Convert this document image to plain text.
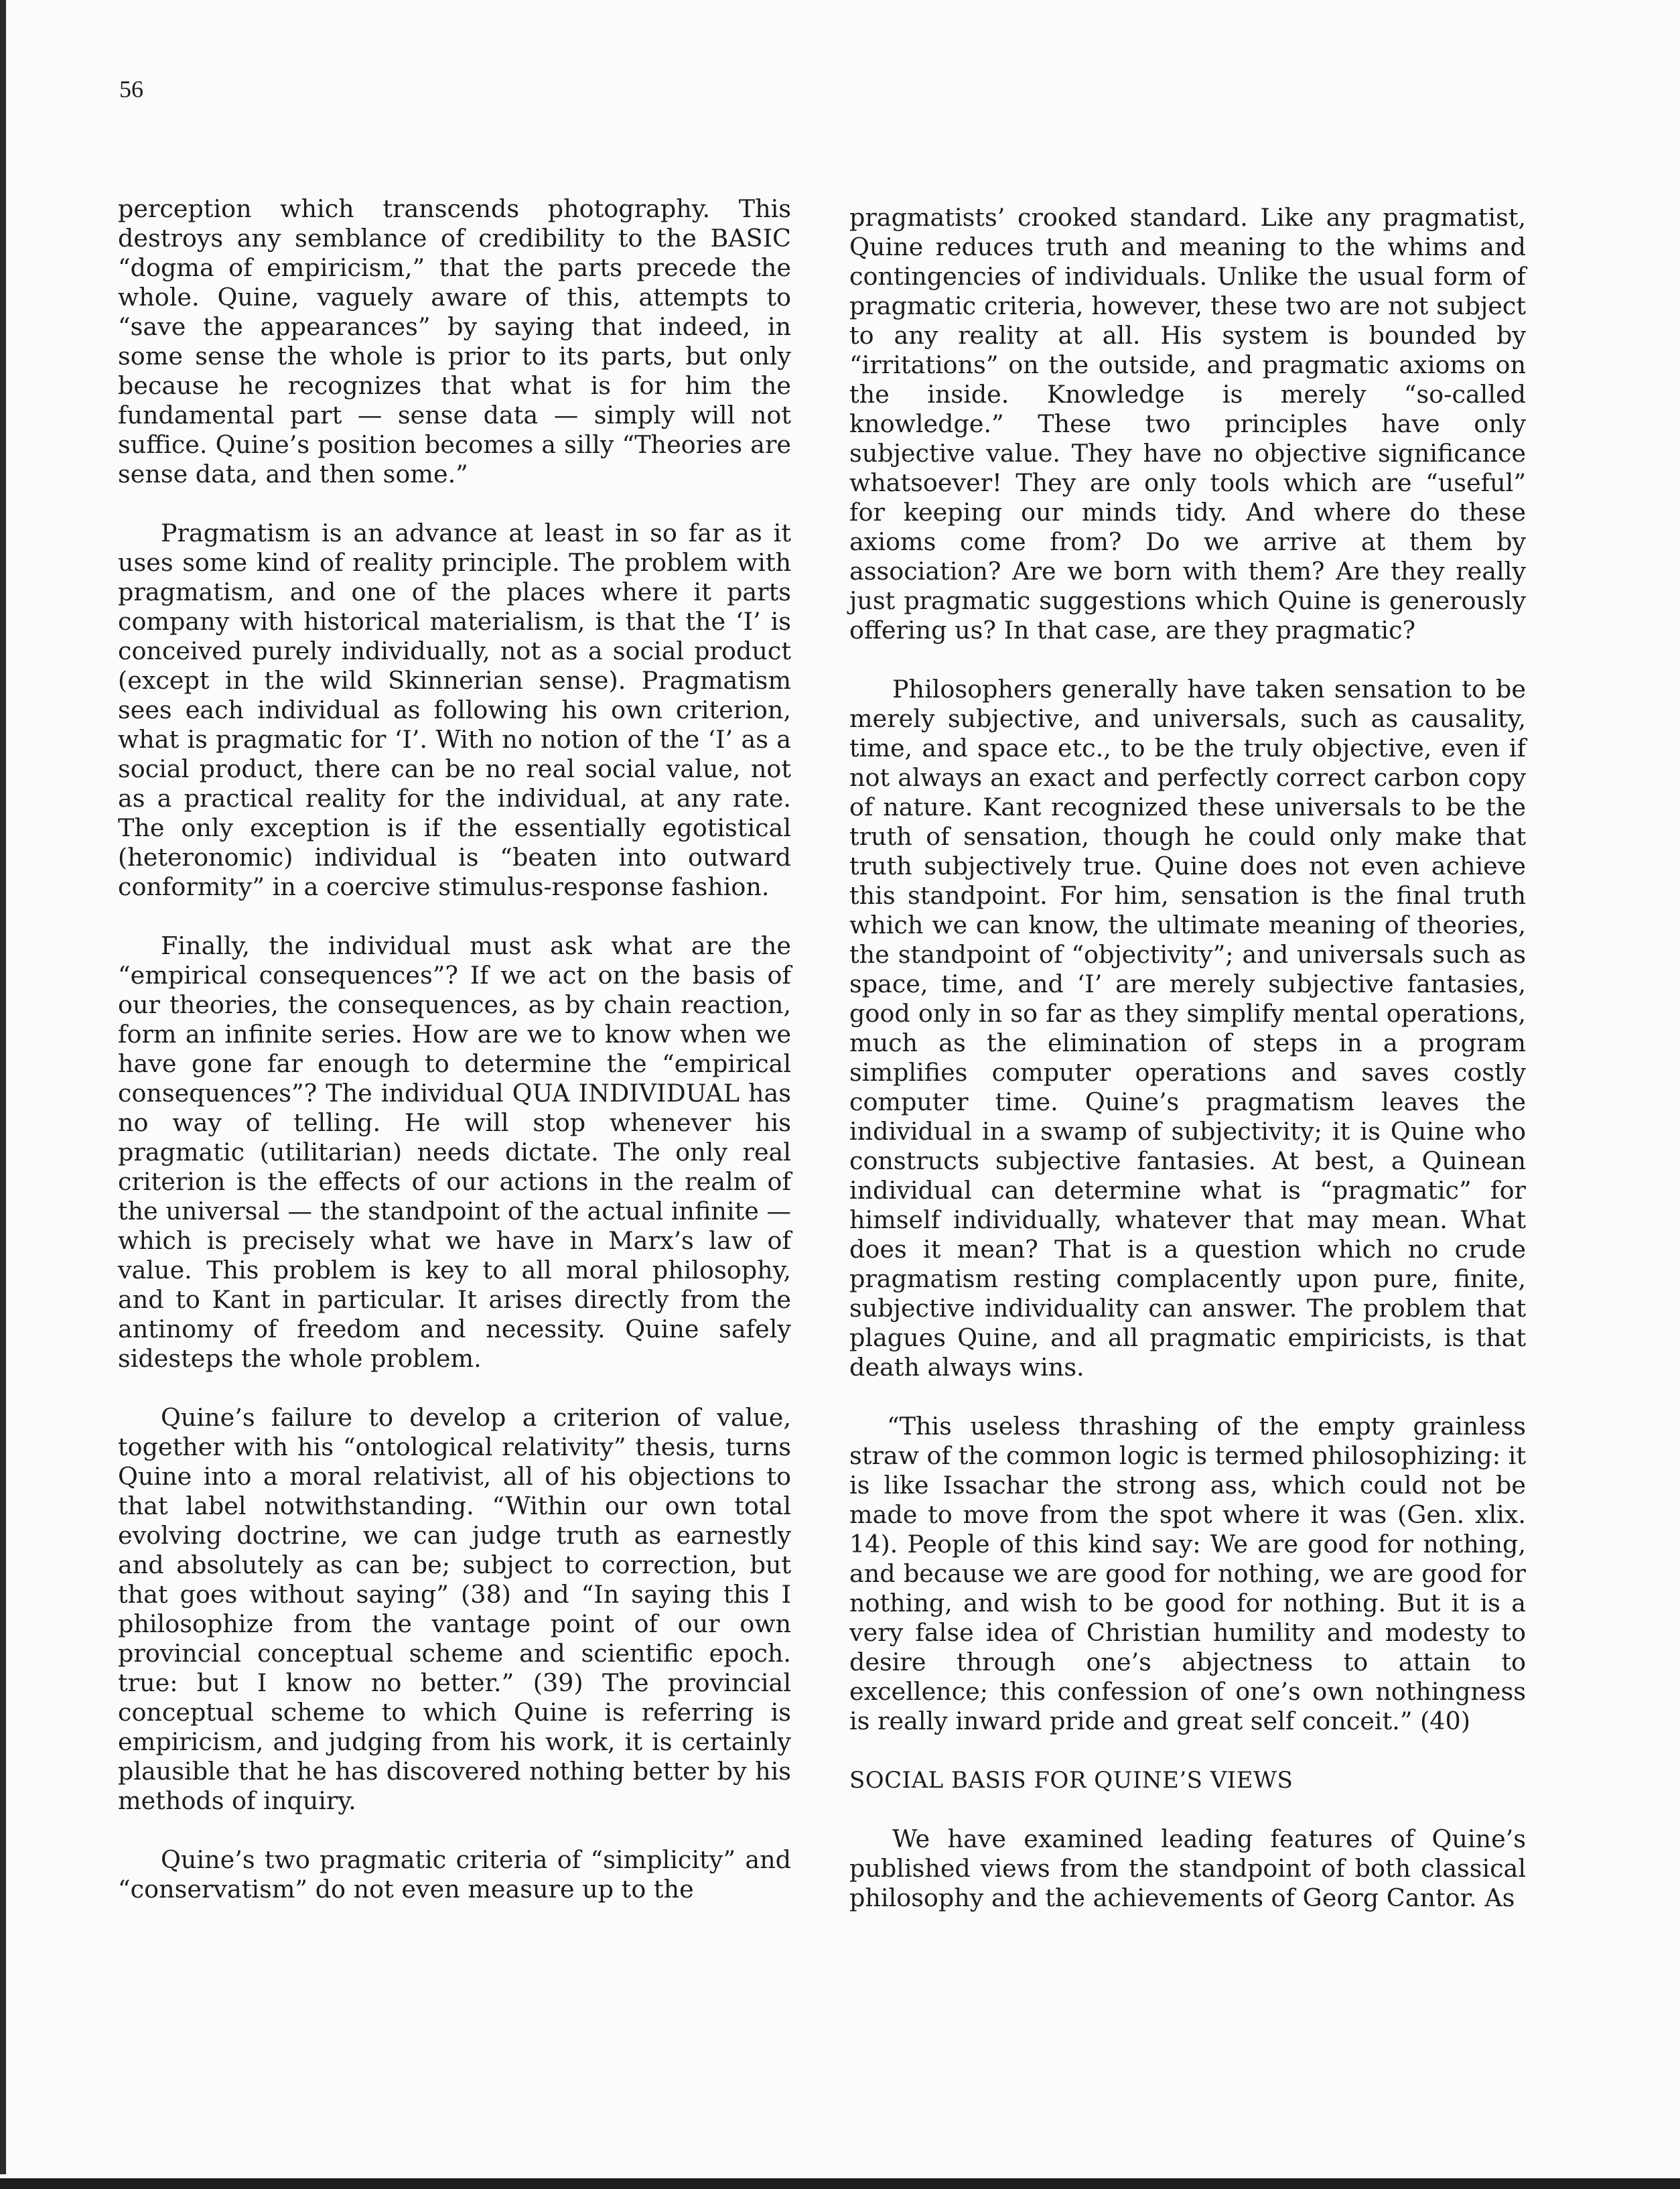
56

perception which transcends photography. This destroys any semblance of credibility to the BASIC “dogma of empiricism,” that the parts precede the whole. Quine, vaguely aware of this, attempts to “save the appearances” by saying that indeed, in some sense the whole is prior to its parts, but only because he recognizes that what is for him the fundamental part — sense data — simply will not suffice. Quine’s position becomes a silly “Theories are sense data, and then some.”

Pragmatism is an advance at least in so far as it uses some kind of reality principle. The problem with pragmatism, and one of the places where it parts company with historical materialism, is that the ‘I’ is conceived purely individually, not as a social product (except in the wild Skinnerian sense). Pragmatism sees each individual as following his own criterion, what is pragmatic for ‘I’. With no notion of the ‘I’ as a social product, there can be no real social value, not as a practical reality for the individual, at any rate. The only exception is if the essentially egotistical (heteronomic) individual is “beaten into outward conformity” in a coercive stimulus-response fashion.

Finally, the individual must ask what are the “empirical consequences”? If we act on the basis of our theories, the consequences, as by chain reaction, form an infinite series. How are we to know when we have gone far enough to determine the “empirical consequences”? The individual QUA INDIVIDUAL has no way of telling. He will stop whenever his pragmatic (utilitarian) needs dictate. The only real criterion is the effects of our actions in the realm of the universal — the standpoint of the actual infinite — which is precisely what we have in Marx’s law of value. This problem is key to all moral philosophy, and to Kant in particular. It arises directly from the antinomy of freedom and necessity. Quine safely sidesteps the whole problem.

Quine’s failure to develop a criterion of value, together with his “ontological relativity” thesis, turns Quine into a moral relativist, all of his objections to that label notwithstanding. “Within our own total evolving doctrine, we can judge truth as earnestly and absolutely as can be; subject to correction, but that goes without saying” (38) and “In saying this I philosophize from the vantage point of our own provincial conceptual scheme and scientific epoch. true: but I know no better.” (39) The provincial conceptual scheme to which Quine is referring is empiricism, and judging from his work, it is certainly plausible that he has discovered nothing better by his methods of inquiry.

Quine’s two pragmatic criteria of “simplicity” and “conservatism” do not even measure up to the

pragmatists’ crooked standard. Like any pragmatist, Quine reduces truth and meaning to the whims and contingencies of individuals. Unlike the usual form of pragmatic criteria, however, these two are not subject to any reality at all. His system is bounded by “irritations” on the outside, and pragmatic axioms on the inside. Knowledge is merely “so-called knowledge.” These two principles have only subjective value. They have no objective significance whatsoever! They are only tools which are “useful” for keeping our minds tidy. And where do these axioms come from? Do we arrive at them by association? Are we born with them? Are they really just pragmatic suggestions which Quine is generously offering us? In that case, are they pragmatic?

Philosophers generally have taken sensation to be merely subjective, and universals, such as causality, time, and space etc., to be the truly objective, even if not always an exact and perfectly correct carbon copy of nature. Kant recognized these universals to be the truth of sensation, though he could only make that truth subjectively true. Quine does not even achieve this standpoint. For him, sensation is the final truth which we can know, the ultimate meaning of theories, the standpoint of “objectivity”; and universals such as space, time, and ‘I’ are merely subjective fantasies, good only in so far as they simplify mental operations, much as the elimination of steps in a program simplifies computer operations and saves costly computer time. Quine’s pragmatism leaves the individual in a swamp of subjectivity; it is Quine who constructs subjective fantasies. At best, a Quinean individual can determine what is “pragmatic” for himself individually, whatever that may mean. What does it mean? That is a question which no crude pragmatism resting complacently upon pure, finite, subjective individuality can answer. The problem that plagues Quine, and all pragmatic empiricists, is that death always wins.

“This useless thrashing of the empty grainless straw of the common logic is termed philosophizing: it is like Issachar the strong ass, which could not be made to move from the spot where it was (Gen. xlix. 14). People of this kind say: We are good for nothing, and because we are good for nothing, we are good for nothing, and wish to be good for nothing. But it is a very false idea of Christian humility and modesty to desire through one’s abjectness to attain to excellence; this confession of one’s own nothingness is really inward pride and great self conceit.” (40)
SOCIAL BASIS FOR QUINE’S VIEWS

We have examined leading features of Quine’s published views from the standpoint of both classical philosophy and the achievements of Georg Cantor. As
